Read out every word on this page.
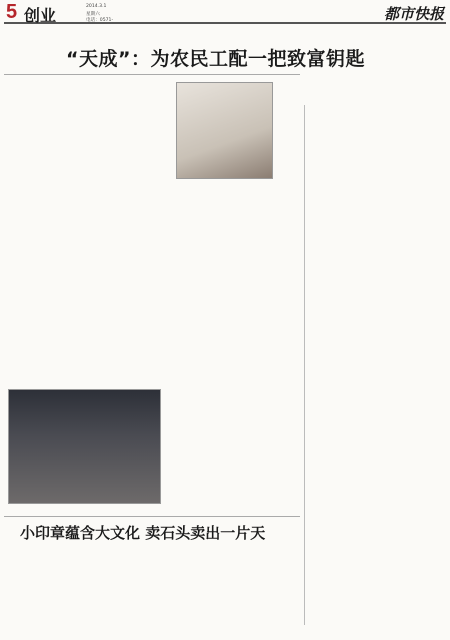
5 创业	2014.3.1
星期六
电话：0571-	都市快报
“天成”：为农民工配一把致富钥匙
小印章蕴含大文化 卖石头卖出一片天
